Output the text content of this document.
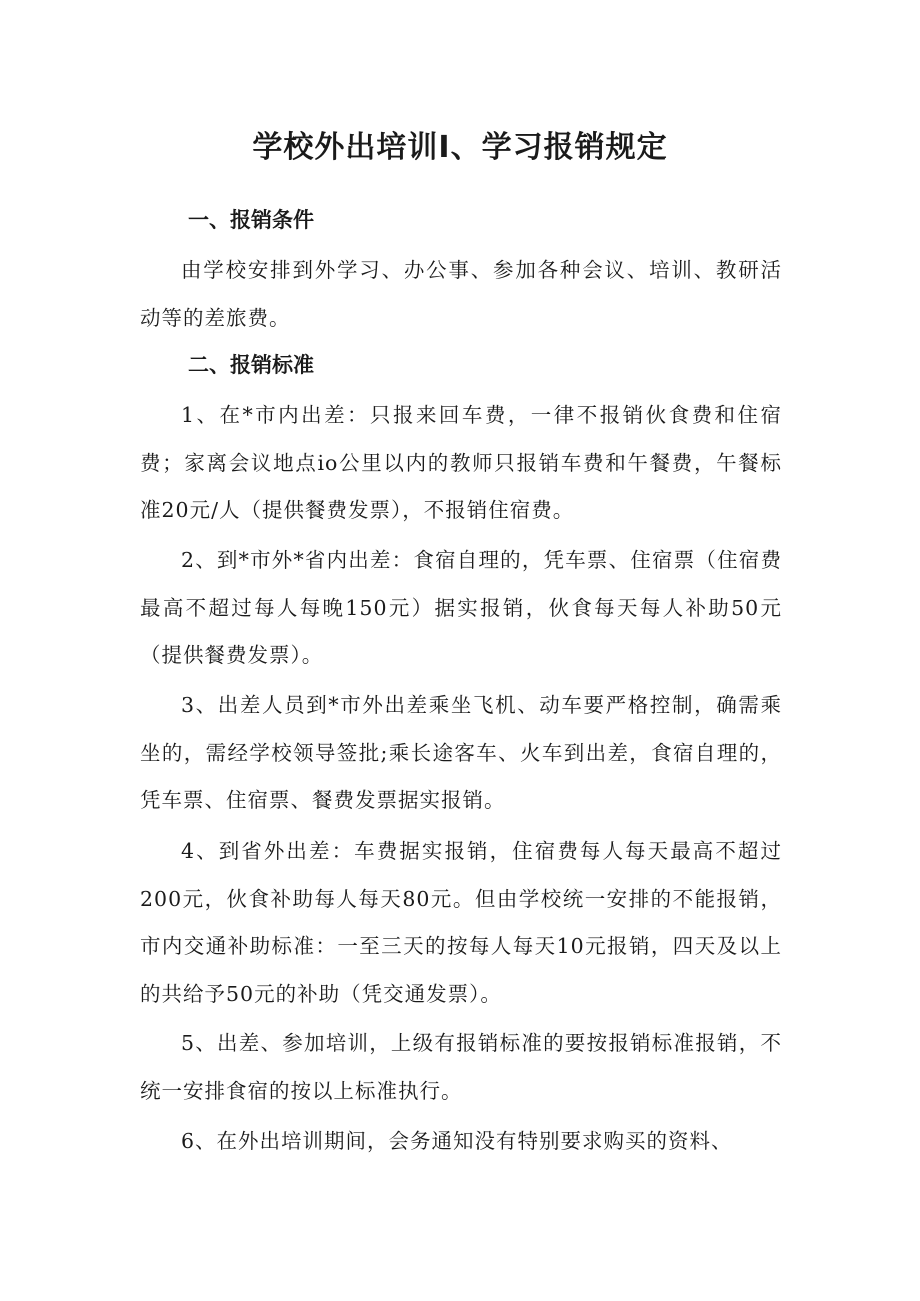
学校外出培训Ⅰ、学习报销规定
一、报销条件
由学校安排到外学习、办公事、参加各种会议、培训、教研活动等的差旅费。
二、报销标准
1、在*市内出差：只报来回车费，一律不报销伙食费和住宿费；家离会议地点io公里以内的教师只报销车费和午餐费，午餐标准20元/人（提供餐费发票），不报销住宿费。
2、到*市外*省内出差：食宿自理的，凭车票、住宿票（住宿费最高不超过每人每晚150元）据实报销，伙食每天每人补助50元（提供餐费发票）。
3、出差人员到*市外出差乘坐飞机、动车要严格控制，确需乘坐的，需经学校领导签批;乘长途客车、火车到出差，食宿自理的，凭车票、住宿票、餐费发票据实报销。
4、到省外出差：车费据实报销，住宿费每人每天最高不超过200元，伙食补助每人每天80元。但由学校统一安排的不能报销，市内交通补助标准：一至三天的按每人每天10元报销，四天及以上的共给予50元的补助（凭交通发票）。
5、出差、参加培训，上级有报销标准的要按报销标准报销，不统一安排食宿的按以上标准执行。
6、在外出培训期间，会务通知没有特别要求购买的资料、
